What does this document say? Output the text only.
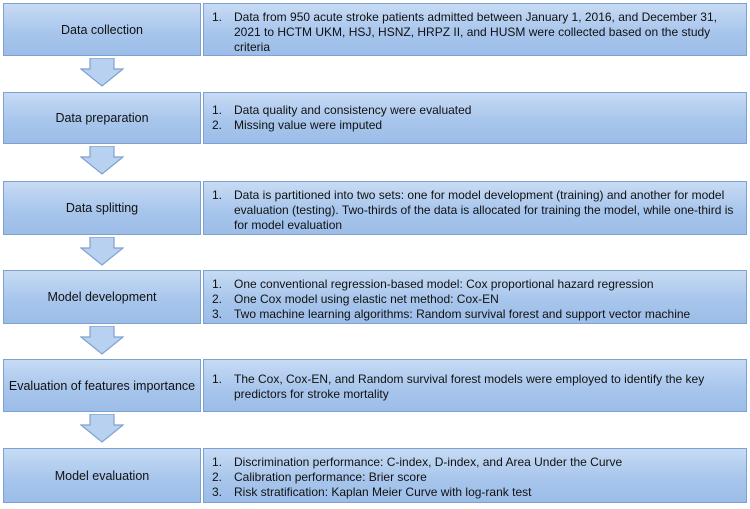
Data collection
1. Data from 950 acute stroke patients admitted between January 1, 2016, and December 31, 2021 to HCTM UKM, HSJ, HSNZ, HRPZ II, and HUSM were collected based on the study criteria
Data preparation
1. Data quality and consistency were evaluated
2. Missing value were imputed
Data splitting
1. Data is partitioned into two sets: one for model development (training) and another for model evaluation (testing). Two-thirds of the data is allocated for training the model, while one-third is for model evaluation
Model development
1. One conventional regression-based model: Cox proportional hazard regression
2. One Cox model using elastic net method: Cox-EN
3. Two machine learning algorithms: Random survival forest and support vector machine
Evaluation of features importance 1. The Cox, Cox-EN, and Random survival forest models were employed to identify the key predictors for stroke mortality
Model evaluation
1. Discrimination performance: C-index, D-index, and Area Under the Curve
2. Calibration performance: Brier score
3. Risk stratification: Kaplan Meier Curve with log-rank test
